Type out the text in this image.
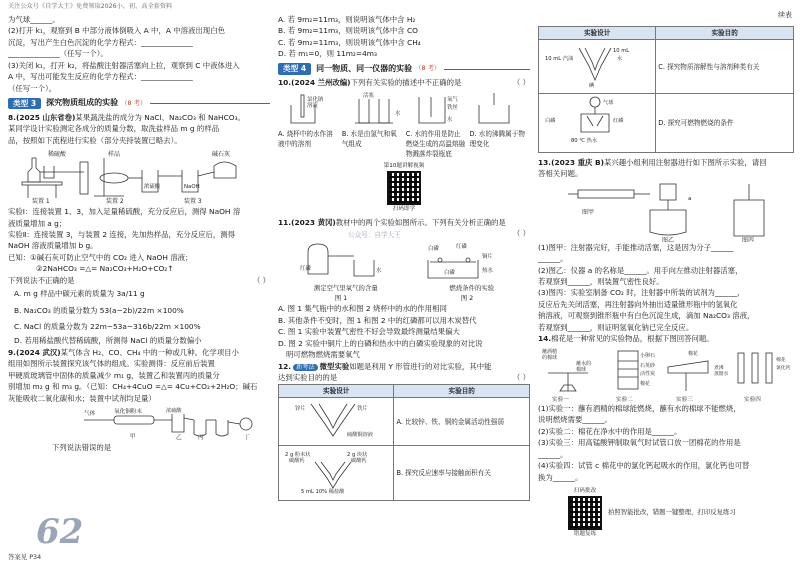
关注公众号《自学大王》免费领取2026小、初、高全套资料
续表
为气球______。
(2)打开 k₁，观察到 B 中部分液体倒吸入 A 中，A 中溶液出现白色
沉淀，写出产生白色沉淀的化学方程式：______________
______________（任写一个）。
(3)关闭 k₁，打开 k₂，将盐酸注射器活塞向上拉，观察到 C 中液体进入
A 中，写出可能发生反应的化学方程式：______________
（任写一个）。
类型 3	探究物质组成的实验 （8 考）
8.(2025 山东省卷)某果蔬洗盐的成分为 NaCl、Na₂CO₃ 和 NaHCO₃。
某同学设计实验测定各成分的质量分数，取洗盐样品 m g 的样品
品，按照如下流程进行实验（部分夹持装置已略去）。
稀硫酸	样品	碱石灰
NaOH
浓硫酸
装置 1	装置 2	装置 3
实验Ⅰ：连接装置 1、3，加入足量稀硫酸，充分反应后，测得 NaOH 溶
液质量增加 a g；
实验Ⅱ：连接装置 3，与装置 2 连接，先加热样品，充分反应后，测得
NaOH 溶液质量增加 b g。
已知：①碱石灰可防止空气中的 CO₂ 进入 NaOH 溶液；
②2NaHCO₃ =△= Na₂CO₃+H₂O+CO₂↑
下列说法不正确的是	（ ）
A. m g 样品中碳元素的质量为 3a/11 g
B. Na₂CO₃ 的质量分数为 53(a−2b)/22m ×100%
C. NaCl 的质量分数为 22m−53a−316b/22m ×100%
D. 若用稀盐酸代替稀硫酸，所测得 NaCl 的质量分数偏小
9.(2024 武汉)某气体含 H₂、CO、CH₄ 中的一种或几种。化学项目小
组用如图所示装置探究该气体的组成。实验测得：反应前后装置
甲硬质玻璃管中固体的质量减少 m₁ g，装置乙和装置丙的质量分
别增加 m₂ g 和 m₃ g。（已知：CH₄+4CuO =△= 4Cu+CO₂+2H₂O；碱石
灰能吸收二氧化碳和水；装置中试剂均足量）
气体	氧化铜粉末	浓硫酸
甲	乙	丙	丁
下列说法错误的是
62
答案见 P34
A. 若 9m₂=11m₃，则说明该气体中含 H₂
B. 若 9m₂=11m₃，则说明该气体中含 CO
C. 若 9m₂=11m₃，则说明该气体中含 CH₄
D. 若 m₁=0，则 11m₂=4m₃
类型 4	同一物质、同一仪器的实验 （8 考）
10.(2024 兰州改编)下列有关实验的描述中不正确的是	（ ）
氯化钠
溶液
活塞
水
氧气
铁丝
水
A. 烧杯中的水作溶液中的溶剂
B. 水是由氢气和氧气组成
C. 水的作用是防止燃烧生成的高温熔融物溅落炸裂瓶底
D. 水的沸腾属于物理变化
第10题讲解视频
扫码即学
11.(2023 黄冈)教材中的两个实验如图所示。下列有关分析正确的是
（ ）
公众号：自学大王
红磷	水
白磷	红磷
铜片
热水
白磷
测定空气里氧气的含量	燃烧条件的实验
图 1	图 2
A. 图 1 集气瓶中的水和图 2 烧杯中的水的作用相同
B. 其他条件不变时，图 1 和图 2 中的红磷都可以用木炭替代
C. 图 1 实验中装置气密性不好会导致最终测量结果偏大
D. 图 2 实验中铜片上的白磷和热水中的白磷实验现象的对比说
明可燃物燃烧需要氧气
12. 新考法 微型实验如题是利用 Y 形管进行的对比实验，其中能
达到实验目的的是	（ ）
实验设计	实验目的

锌片 铁片
硫酸铜溶液	A. 比较锌、铁、铜的金属活动性强弱

2 g 粉末状
碳酸钙
2 g 块状
碳酸钙
5 mL 10% 稀盐酸	B. 探究反应速率与接触面积有关
实验设计	实验目的

10 mL
10 mL 汽油 水
碘	C. 探究物质溶解性与溶剂种类有关

气球
白磷 红磷
80 ℃ 热水	D. 探究可燃物燃烧的条件
13.(2023 重庆 B)某兴趣小组利用注射器进行如下图所示实验，请回
答相关问题。
a
图甲
图乙	图丙
(1)图甲：注射器完好，手能推动活塞，这是因为分子______
______。
(2)图乙：仪器 a 的名称是______。用手向左推动注射器活塞，
若观察到______，则装置气密性良好。
(3)图丙：实验室制备 CO₂ 时，注射器中所装的试剂为______，
反应后先关闭活塞，再注射器向外抽出适量锥形瓶中的氢氧化
钠溶液，可观察到锥形瓶中有白色沉淀生成，滴加 Na₂CO₃ 溶液，
若观察到______，则证明氢氧化钠已完全反应。
14.棉花是一种常见的实验物品，根据下图回答问题。
蘸酒精
的棉球
蘸水的
棉球
小卵石
石英砂
活性炭
棉花
棉花
煮沸
蒸馏水
棉花
氯化钙
实验一	实验二	实验三	实验四
(1)实验一：蘸有酒精的棉球能燃烧，蘸有水的棉球不能燃烧，
说明燃烧需要______。
(2)实验二：棉花在净水中的作用是______。
(3)实验三：用高锰酸钾制取氧气时试管口放一团棉花的作用是
______。
(4)实验四：试管 c 棉花中的氯化钙起吸水的作用，氯化钙也可替
换为______。
扫码批改
错题复练
拍照智能批改，错题一键整理，打印反复练习
